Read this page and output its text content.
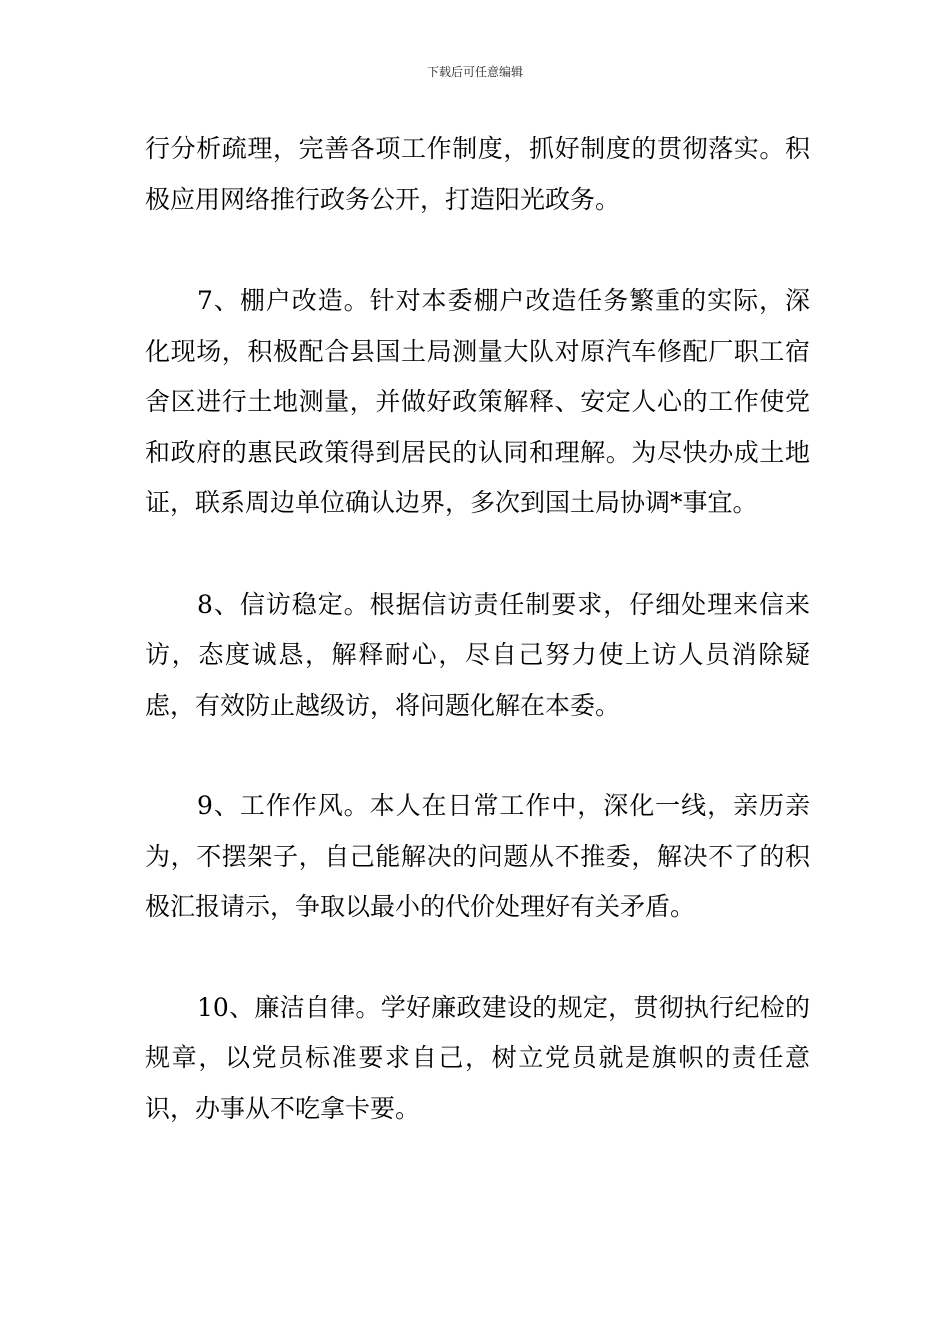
下载后可任意编辑

行分析疏理，完善各项工作制度，抓好制度的贯彻落实。积极应用网络推行政务公开，打造阳光政务。

7、棚户改造。针对本委棚户改造任务繁重的实际，深化现场，积极配合县国土局测量大队对原汽车修配厂职工宿舍区进行土地测量，并做好政策解释、安定人心的工作使党和政府的惠民政策得到居民的认同和理解。为尽快办成土地证，联系周边单位确认边界，多次到国土局协调*事宜。

8、信访稳定。根据信访责任制要求，仔细处理来信来访，态度诚恳，解释耐心，尽自己努力使上访人员消除疑虑，有效防止越级访，将问题化解在本委。

9、工作作风。本人在日常工作中，深化一线，亲历亲为，不摆架子，自己能解决的问题从不推委，解决不了的积极汇报请示，争取以最小的代价处理好有关矛盾。

10、廉洁自律。学好廉政建设的规定，贯彻执行纪检的规章，以党员标准要求自己，树立党员就是旗帜的责任意识，办事从不吃拿卡要。
